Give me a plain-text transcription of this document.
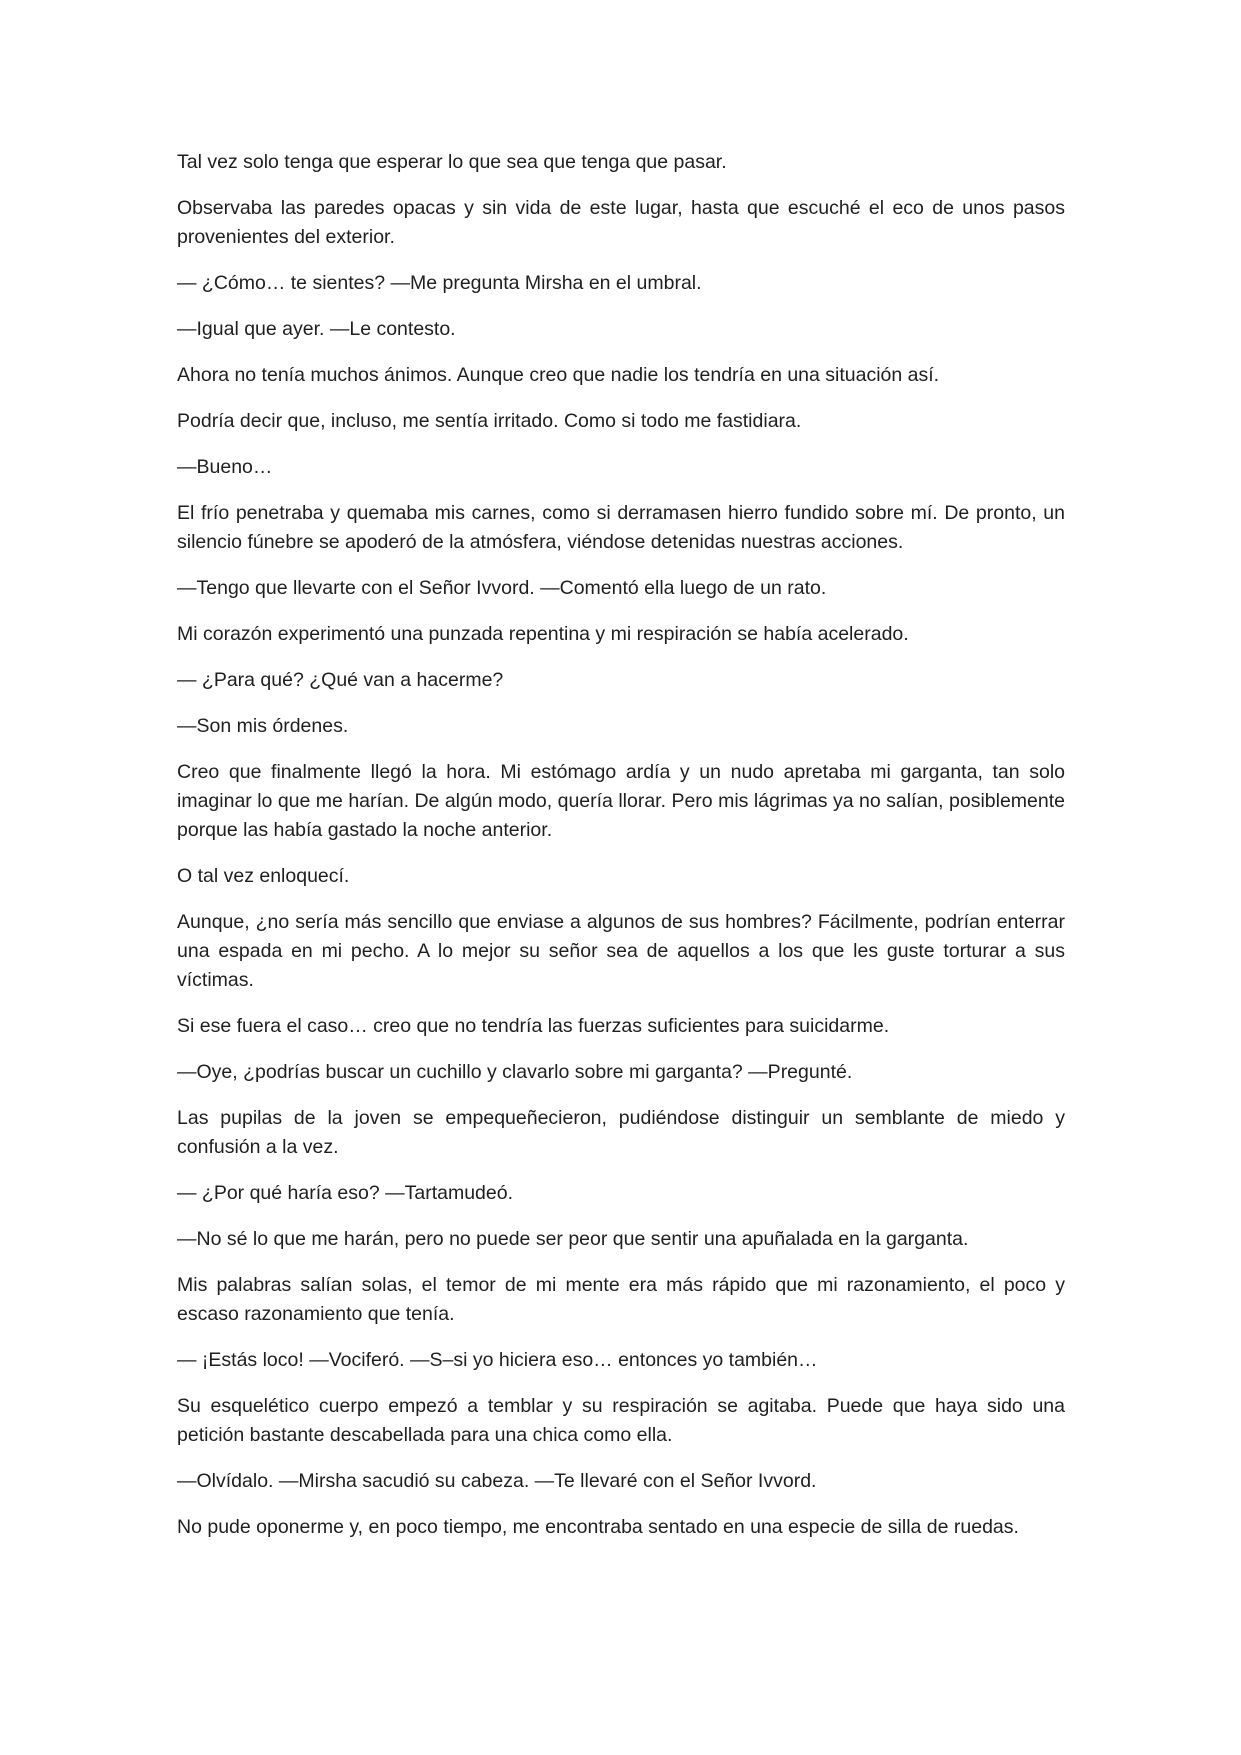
Tal vez solo tenga que esperar lo que sea que tenga que pasar.

Observaba las paredes opacas y sin vida de este lugar, hasta que escuché el eco de unos pasos provenientes del exterior.

— ¿Cómo… te sientes? —Me pregunta Mirsha en el umbral.

—Igual que ayer. —Le contesto.

Ahora no tenía muchos ánimos. Aunque creo que nadie los tendría en una situación así.

Podría decir que, incluso, me sentía irritado. Como si todo me fastidiara.

—Bueno…

El frío penetraba y quemaba mis carnes, como si derramasen hierro fundido sobre mí. De pronto, un silencio fúnebre se apoderó de la atmósfera, viéndose detenidas nuestras acciones.

—Tengo que llevarte con el Señor Ivvord. —Comentó ella luego de un rato.

Mi corazón experimentó una punzada repentina y mi respiración se había acelerado.

— ¿Para qué? ¿Qué van a hacerme?

—Son mis órdenes.

Creo que finalmente llegó la hora. Mi estómago ardía y un nudo apretaba mi garganta, tan solo imaginar lo que me harían. De algún modo, quería llorar. Pero mis lágrimas ya no salían, posiblemente porque las había gastado la noche anterior.

O tal vez enloquecí.

Aunque, ¿no sería más sencillo que enviase a algunos de sus hombres? Fácilmente, podrían enterrar una espada en mi pecho. A lo mejor su señor sea de aquellos a los que les guste torturar a sus víctimas.

Si ese fuera el caso… creo que no tendría las fuerzas suficientes para suicidarme.

—Oye, ¿podrías buscar un cuchillo y clavarlo sobre mi garganta? —Pregunté.

Las pupilas de la joven se empequeñecieron, pudiéndose distinguir un semblante de miedo y confusión a la vez.

— ¿Por qué haría eso? —Tartamudeó.

—No sé lo que me harán, pero no puede ser peor que sentir una apuñalada en la garganta.

Mis palabras salían solas, el temor de mi mente era más rápido que mi razonamiento, el poco y escaso razonamiento que tenía.

— ¡Estás loco! —Vociferó. —S–si yo hiciera eso… entonces yo también…

Su esquelético cuerpo empezó a temblar y su respiración se agitaba. Puede que haya sido una petición bastante descabellada para una chica como ella.

—Olvídalo. —Mirsha sacudió su cabeza. —Te llevaré con el Señor Ivvord.

No pude oponerme y, en poco tiempo, me encontraba sentado en una especie de silla de ruedas.
